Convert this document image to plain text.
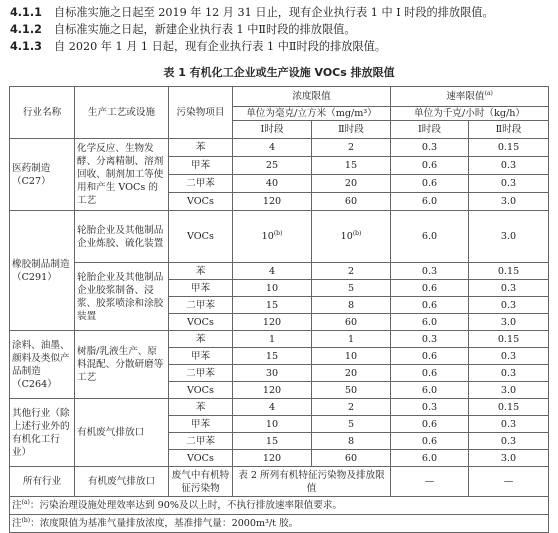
4.1.1 自标准实施之日起至 2019 年 12 月 31 日止，现有企业执行表 1 中 I 时段的排放限值。
4.1.2 自标准实施之日起，新建企业执行表 1 中Ⅱ时段的排放限值。
4.1.3 自 2020 年 1 月 1 日起，现有企业执行表 1 中Ⅱ时段的排放限值。
表 1 有机化工企业或生产设施 VOCs 排放限值
行业名称	生产工艺或设施	污染物项目	浓度限值		速率限值$^{(a)}$
			单位为毫克/立方米（mg/m³）		单位为千克/小时（kg/h）	
			Ⅰ时段	Ⅱ时段	Ⅰ时段	Ⅱ时段
医药制造（C27）	化学反应、生物发酵、分离精制、溶剂回收、制剂加工等使用和产生 VOCs 的工艺	苯	4	2	0.3	0.15
		甲苯	25	15	0.6	0.3
		二甲苯	40	20	0.6	0.3
		VOCs	120	60	6.0	3.0
橡胶制品制造（C291）	轮胎企业及其他制品企业炼胶、硫化装置	VOCs	10$^{(b)}$	10$^{(b)}$	6.0	3.0
	轮胎企业及其他制品企业胶浆制备、浸浆、胶浆喷涂和涂胶装置	苯	4	2	0.3	0.15
		甲苯	10	5	0.6	0.3
		二甲苯	15	8	0.6	0.3
		VOCs	120	60	6.0	3.0
涂料、油墨、颜料及类似产品制造（C264）	树脂/乳液生产、原料混配、分散研磨等工艺	苯	1	1	0.3	0.15
		甲苯	15	10	0.6	0.3
		二甲苯	30	20	0.6	0.3
		VOCs	120	50	6.0	3.0
其他行业（除上述行业外的有机化工行业）	有机废气排放口	苯	4	2	0.3	0.15
		甲苯	10	5	0.6	0.3
		二甲苯	15	8	0.6	0.3
		VOCs	120	60	6.0	3.0
所有行业	有机废气排放口	废气中有机特征污染物	表 2 所列有机特征污染物及排放限值		—	—
注$^{(a)}$：污染治理设施处理效率达到 90%及以上时，不执行排放速率限值要求。						
注$^{(b)}$：浓度限值为基准气量排放浓度，基准排气量：2000m³/t 胶。						
